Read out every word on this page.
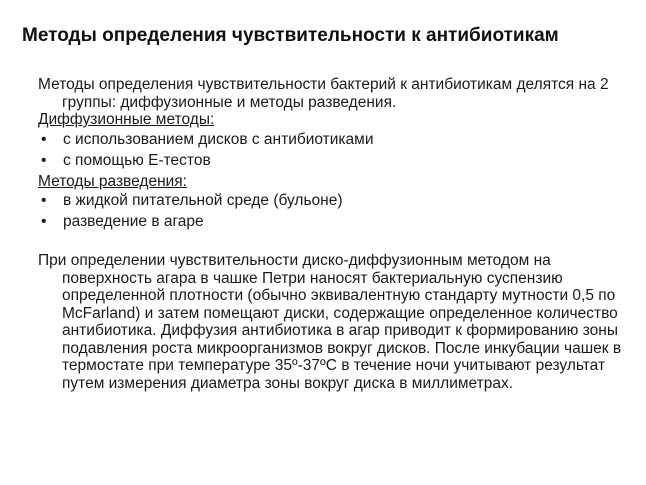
Методы определения чувствительности к антибиотикам

Методы определения чувствительности бактерий к антибиотикам делятся на 2 группы: диффузионные и методы разведения.

Диффузионные методы:

• с использованием дисков с антибиотиками
• с помощью Е-тестов

Методы разведения:

• в жидкой питательной среде (бульоне)
• разведение в агаре

При определении чувствительности диско-диффузионным методом на поверхность агара в чашке Петри наносят бактериальную суспензию определенной плотности (обычно эквивалентную стандарту мутности 0,5 по McFarland) и затем помещают диски, содержащие определенное количество антибиотика. Диффузия антибиотика в агар приводит к формированию зоны подавления роста микроорганизмов вокруг дисков. После инкубации чашек в термостате при температуре 35º-37ºС в течение ночи учитывают результат путем измерения диаметра зоны вокруг диска в миллиметрах.
